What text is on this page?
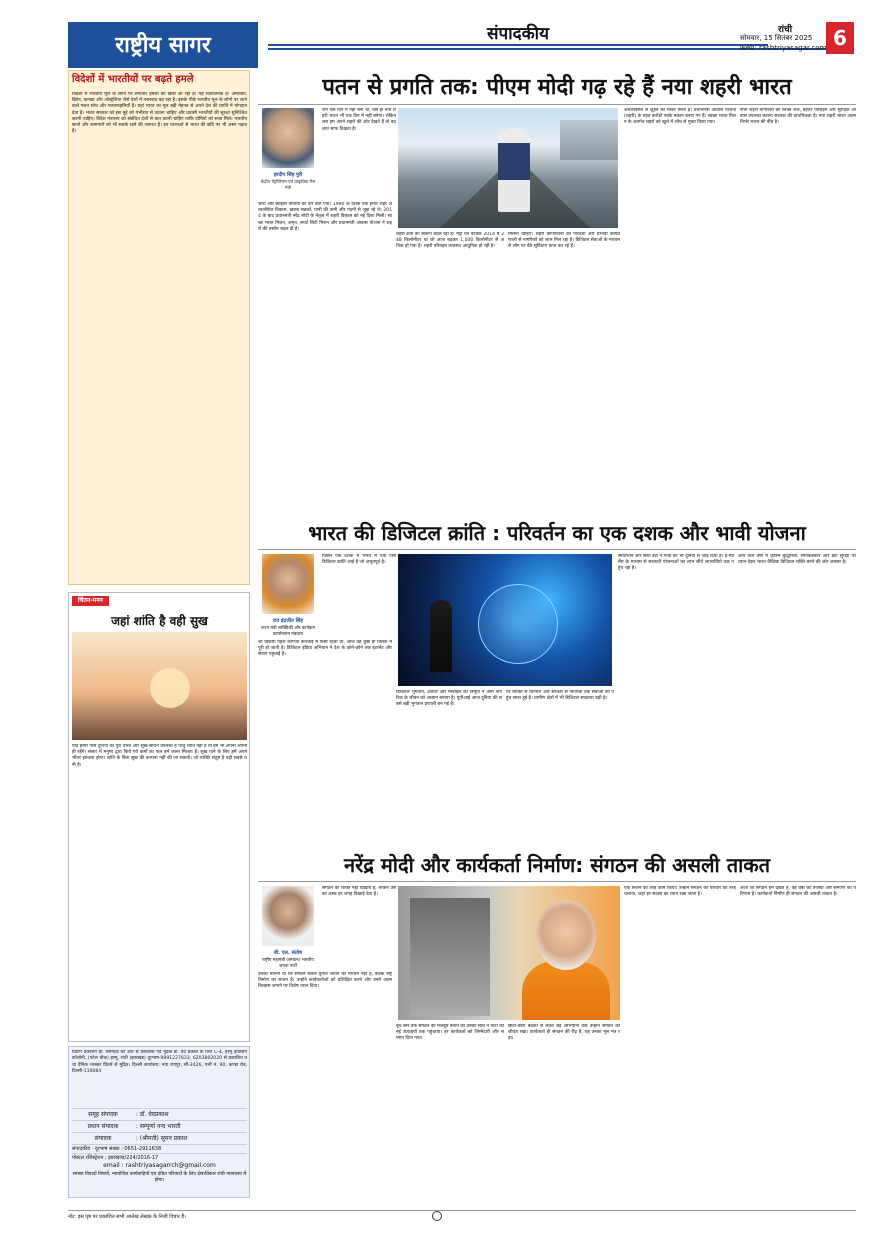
राष्ट्रीय सागर	संपादकीय	रांची
सोमवार, 15 सितंबर 2025
web: rashtriyasagar.com 6
विदेशों में भारतीयों पर बढ़ते हमले
विदेशों में भारतीय मूल के लोगों पर लगातार हमलों की खबरें आ रही हैं। यह चिंताजनक है। अमेरिका, ब्रिटेन, कनाडा और ऑस्ट्रेलिया जैसे देशों में नस्लवाद बढ़ रहा है। इसके पीछे भारतीय मूल के लोगों पर जाने वाले गलत सोच और गलतफहमियाँ हैं। यहां भारत का मूल बड़ी मेहनत से अपने देश की प्रगति में योगदान देता है। भारत सरकार को इस मुद्दे को गंभीरता से उठाना चाहिए और प्रवासी भारतीयों की सुरक्षा सुनिश्चित करनी चाहिए। विदेश मंत्रालय को संबंधित देशों से बात करनी चाहिए ताकि दोषियों को सजा मिले। भारतीय छात्रों और कामगारों को भी सतर्क रहने की जरूरत है। इन घटनाओं से भारत की छवि पर भी असर पड़ता है।
चिंतन-मनन
जहां शांति है वही सुख
यदि हमारे पास दुनिया का पूरा वैभव और सुख-साधन उपलब्ध हैं परंतु शांति नहीं है तो हम भी अपना अपनी ही रहेंगे। संसार में मनुष्य द्वारा किये गये कर्मों का फल हमें जरूर मिलता है। सुख पाने के लिए हमें अपने भीतर झांकना होगा। शांति के बिना सुख की कल्पना नहीं की जा सकती। जो व्यक्ति संतुष्ट है वही सबसे धनी है।
प्रिंटिंग प्रकाशन प्रा. लिमिटेड की ओर से प्रकाशक एवं मुद्रक डॉ. वेद प्रकाश के लिए C-4, हरमू हाउसिंग कॉलोनी, (पटेल चौक) हरमू, रांची (झारखंड) दूरभाष-9891227633, 6203802020 से प्रकाशित तथा दैनिक भास्कर प्रिंटर्स से मुद्रित। दिल्ली कार्यालय: नया रायपुर, सी-3426, गली नं. 90, कण्डा रोड, दिल्ली-110084
समूह संपादक	: डॉ. वेदप्रकाश
प्रधान संपादक	: सम्पूर्णा नन्द भारती
संपादक	: (श्रीमती) सुमन प्रकाश
संपादकीय · दूरभाष संख्या : 0651-2911638
पोस्टल रजिस्ट्रेशन : झारखण्ड/224/2016-17
email : rashtriyasagarrch@gmail.com
समस्त विवादों विषयों, न्यायोचित कार्यवाहियों एवं दंडित परिवादों के लिए क्षेत्राधिकार रांची न्यायालय में होगा।
पतन से प्रगति तक: पीएम मोदी गढ़ रहे हैं नया शहरी भारत
हरदीप सिंह पुरी
केंद्रीय पेट्रोलियम एवं प्राकृतिक गैस मंत्री
रोम एक दिन में नहीं बना था, वैसे ही नया शहरी भारत भी एक दिन में नहीं बनेगा। लेकिन जब हम अपने शहरों की ओर देखते हैं तो बदलाव साफ दिखता है।
जोरा और बोझिल नीतियों का दौर बीत गया। 1990 के दशक तक हमारे शहर अव्यवस्थित विकास, खराब सड़कों, पानी की कमी और गंदगी से जूझ रहे थे। 2014 के बाद प्रधानमंत्री नरेंद्र मोदी के नेतृत्व में शहरी विकास को नई दिशा मिली। स्वच्छ भारत मिशन, अमृत, स्मार्ट सिटी मिशन और प्रधानमंत्री आवास योजना ने शहरों की तस्वीर बदल दी है।
शहरी क्षेत्रों का स्वरूप बदल रहा है। मेट्रो रेल नेटवर्क 2014 में 248 किलोमीटर था जो आज बढ़कर 1,000 किलोमीटर से अधिक हो गया है। शहरी परिवहन व्यवस्था आधुनिक हो रही है।
मिलना चाहिए। शहरी कॉर्पोरेशनों की पारदर्शी और प्रभावी कार्यप्रणाली से नागरिकों को लाभ मिल रहा है। डिजिटल सेवाओं के माध्यम से लोग घर बैठे सुविधाएं प्राप्त कर रहे हैं।
अर्थव्यवस्था से जुड़ने का मौका मिला है। प्रधानमंत्री आवास योजना (शहरी) के तहत करोड़ों पक्के मकान बनाए गए हैं। स्वच्छ भारत मिशन के अंतर्गत शहरों को खुले में शौच से मुक्त किया गया।
सभी शहरी नागरिकों को स्वच्छ जल, बेहतर परिवहन और सुरक्षित आवास उपलब्ध कराना सरकार की प्राथमिकता है। नया शहरी भारत आत्मनिर्भर भारत की नींव है।
भारत की डिजिटल क्रांति : परिवर्तन का एक दशक और भावी योजना
राव इंद्रजीत सिंह
राज्य मंत्री सांख्यिकी और कार्यक्रम कार्यान्वयन मंत्रालय
पिछले एक दशक में भारत में एक ऐसी डिजिटल क्रांति आई है जो अभूतपूर्व है।
जो प्रक्रिया पहले कागजी कार्रवाई में फंसी रहती थी, आज वह कुछ ही क्लिक में पूरी हो जाती है। डिजिटल इंडिया अभियान ने देश के कोने-कोने तक इंटरनेट और सेवाएं पहुंचाई हैं।
डिजिटल भुगतान, आधार और मोबाइल की त्रिमूर्ति ने आम नागरिक के जीवन को आसान बनाया है। यूपीआई आज दुनिया की सबसे बड़ी भुगतान प्रणाली बन गई है।
पर व्यक्ति से व्यापारी और सरकार से नागरिक तक सेवाओं की पहुंच सरल हुई है। ग्रामीण क्षेत्रों में भी डिजिटल साक्षरता बढ़ी है।
स्मार्टफोन और सस्ते डेटा ने गांवों को भी दुनिया से जोड़ दिया है। ई-गवर्नेंस के माध्यम से सरकारी योजनाओं का लाभ सीधे लाभार्थियों तक पहुंच रहा है।
आने वाले वर्षों में कृत्रिम बुद्धिमत्ता, सेमीकंडक्टर और डेटा सुरक्षा पर ध्यान देकर भारत वैश्विक डिजिटल शक्ति बनने की ओर अग्रसर है।
नरेंद्र मोदी और कार्यकर्ता निर्माण: संगठन की असली ताकत
बी. एल. संतोष
राष्ट्रीय महामंत्री (संगठन) भारतीय जनता पार्टी
संगठन की शक्ति नहीं दिखती है, लेकिन उसका असर हर जगह दिखाई देता है।
उनका मानना था कि संगठन केवल चुनाव जीतने का माध्यम नहीं है, बल्कि राष्ट्र निर्माण का साधन है। उन्होंने कार्यकर्ताओं को प्रशिक्षित करने और उनमें आत्मविश्वास जगाने पर विशेष ध्यान दिया।
बूथ स्तर तक संगठन को मजबूत बनाने की उनकी सोच ने पार्टी को नई ऊंचाइयों तक पहुंचाया। हर कार्यकर्ता को जिम्मेदारी और सम्मान दिया गया।
छोटी-छोटी बैठकों से लेकर बड़े अभियानों तक उन्होंने संगठन को जीवंत रखा। कार्यकर्ता ही संगठन की रीढ़ हैं, यह उनका मूल मंत्र रहा।
एक मिशन की तरह काम किया। उन्होंने संगठन को परिवार की तरह चलाया, जहां हर सदस्य का ध्यान रखा जाता है।
आज जो संगठन हम देखते हैं, वह वर्षों की तपस्या और समर्पण का परिणाम है। कार्यकर्ता निर्माण ही संगठन की असली ताकत है।
नोट: इस पृष्ठ पर प्रकाशित सभी आलेख लेखक के निजी विचार हैं।
